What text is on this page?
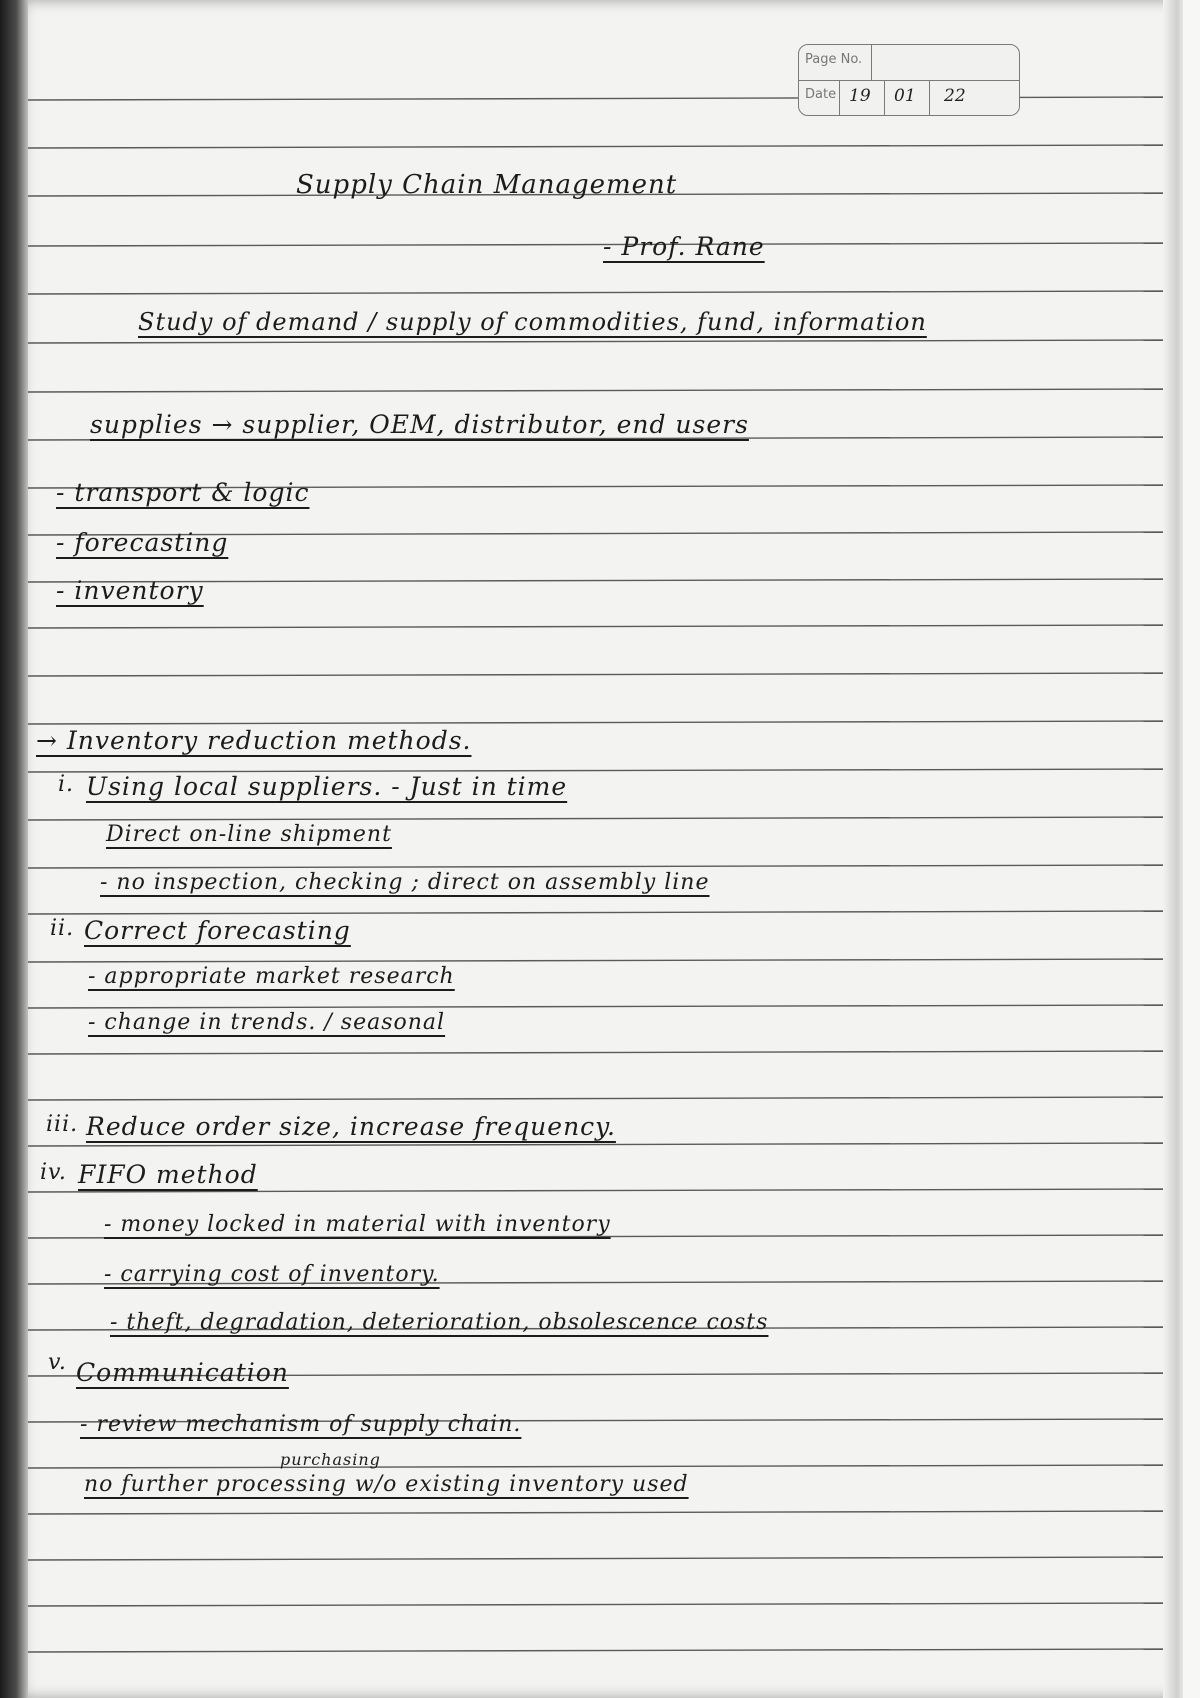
Page No.
Date 19 01 22
Supply Chain Management
- Prof. Rane
Study of demand / supply of commodities, fund, information
supplies → supplier, OEM, distributor, end users
- transport & logic
- forecasting
- inventory
→ Inventory reduction methods.
i. Using local suppliers. - Just in time
Direct on-line shipment
- no inspection, checking ; direct on assembly line
ii. Correct forecasting
- appropriate market research
- change in trends. / seasonal
iii. Reduce order size, increase frequency.
iv. FIFO method
- money locked in material with inventory
- carrying cost of inventory.
- theft, degradation, deterioration, obsolescence costs
v. Communication
- review mechanism of supply chain.
purchasing
no further processing w/o existing inventory used
